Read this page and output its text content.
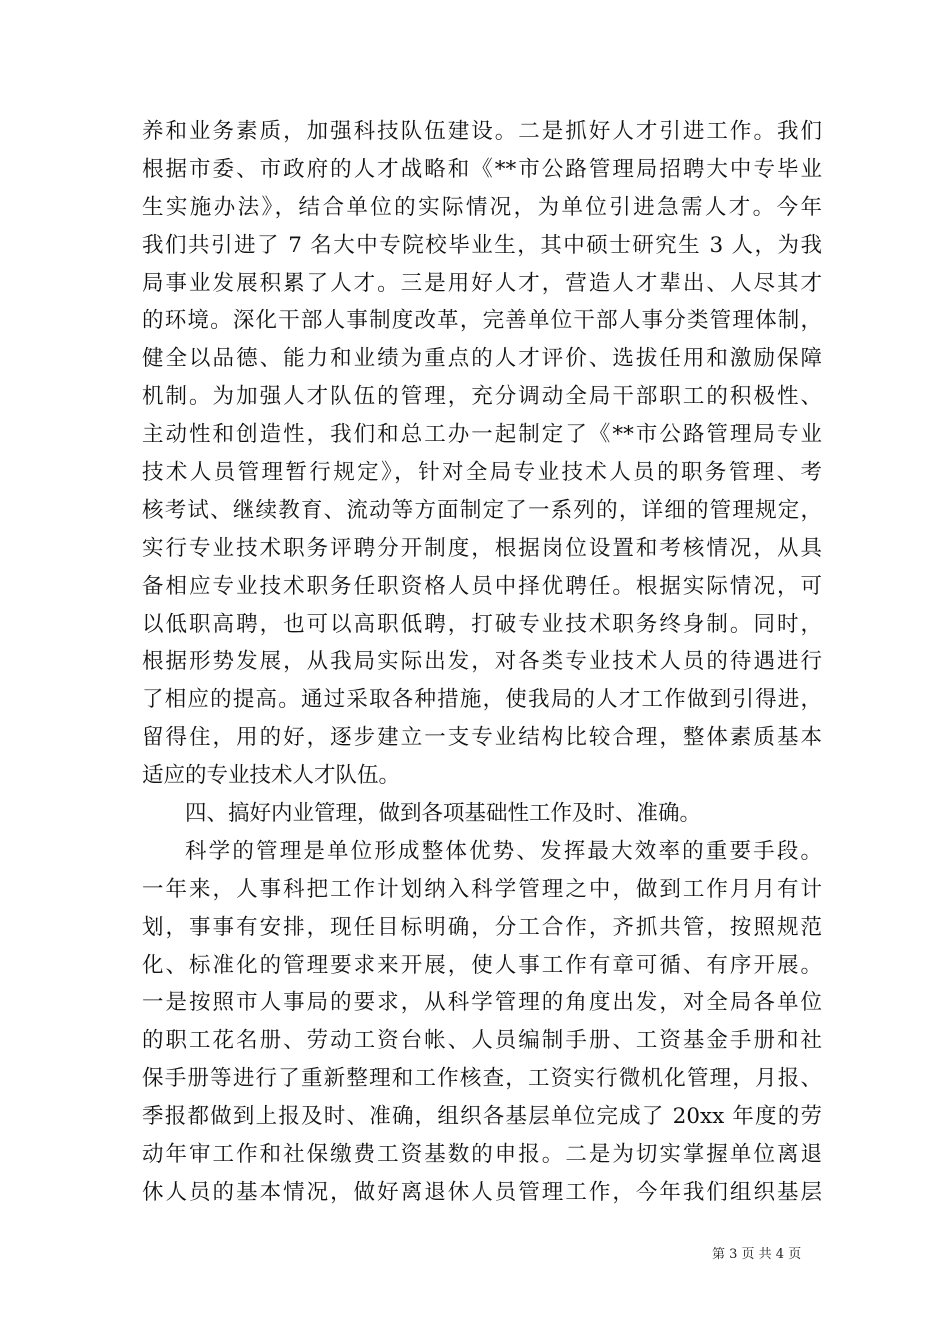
养和业务素质，加强科技队伍建设。二是抓好人才引进工作。我们
根据市委、市政府的人才战略和《**市公路管理局招聘大中专毕业
生实施办法》，结合单位的实际情况，为单位引进急需人才。今年
我们共引进了 7 名大中专院校毕业生，其中硕士研究生 3 人，为我
局事业发展积累了人才。三是用好人才，营造人才辈出、人尽其才
的环境。深化干部人事制度改革，完善单位干部人事分类管理体制，
健全以品德、能力和业绩为重点的人才评价、选拔任用和激励保障
机制。为加强人才队伍的管理，充分调动全局干部职工的积极性、
主动性和创造性，我们和总工办一起制定了《**市公路管理局专业
技术人员管理暂行规定》，针对全局专业技术人员的职务管理、考
核考试、继续教育、流动等方面制定了一系列的，详细的管理规定，
实行专业技术职务评聘分开制度，根据岗位设置和考核情况，从具
备相应专业技术职务任职资格人员中择优聘任。根据实际情况，可
以低职高聘，也可以高职低聘，打破专业技术职务终身制。同时，
根据形势发展，从我局实际出发，对各类专业技术人员的待遇进行
了相应的提高。通过采取各种措施，使我局的人才工作做到引得进，
留得住，用的好，逐步建立一支专业结构比较合理，整体素质基本
适应的专业技术人才队伍。
四、搞好内业管理，做到各项基础性工作及时、准确。
科学的管理是单位形成整体优势、发挥最大效率的重要手段。
一年来，人事科把工作计划纳入科学管理之中，做到工作月月有计
划，事事有安排，现任目标明确，分工合作，齐抓共管，按照规范
化、标准化的管理要求来开展，使人事工作有章可循、有序开展。
一是按照市人事局的要求，从科学管理的角度出发，对全局各单位
的职工花名册、劳动工资台帐、人员编制手册、工资基金手册和社
保手册等进行了重新整理和工作核查，工资实行微机化管理，月报、
季报都做到上报及时、准确，组织各基层单位完成了 20xx 年度的劳
动年审工作和社保缴费工资基数的申报。二是为切实掌握单位离退
休人员的基本情况，做好离退休人员管理工作，今年我们组织基层
第 3 页 共 4 页
